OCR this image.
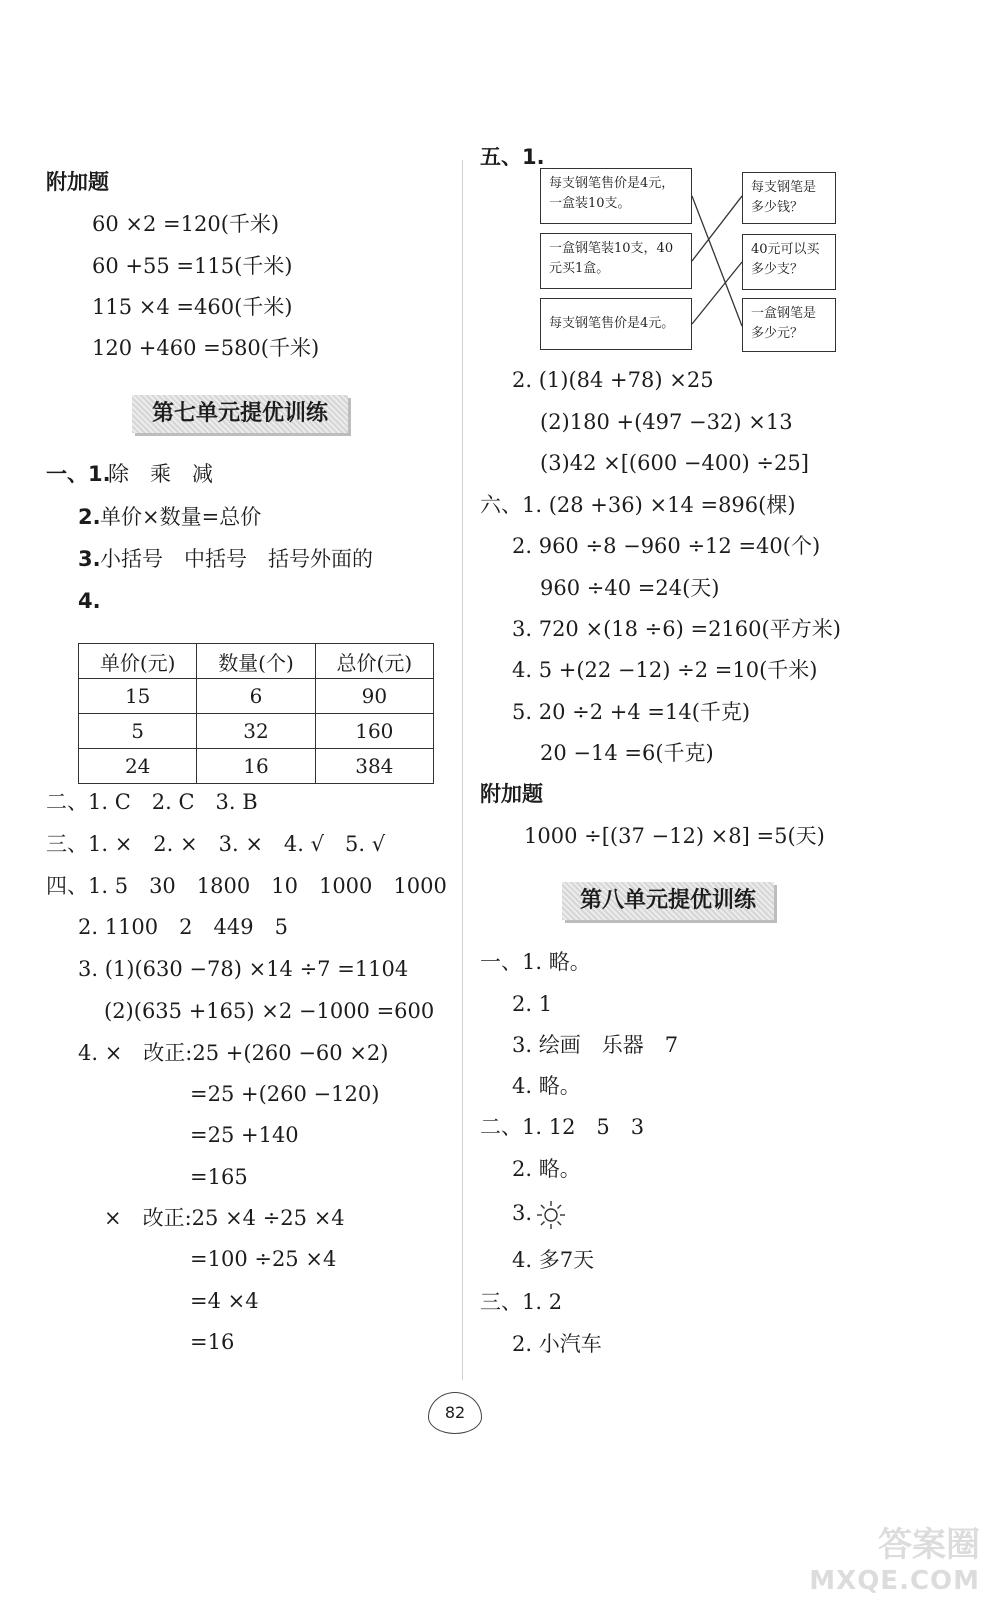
附加题
60 ×2 =120(千米)
60 +55 =115(千米)
115 ×4 =460(千米)
120 +460 =580(千米)
第七单元提优训练
一、1.
除　乘　减
2. 单价×数量=总价
3. 小括号　中括号　括号外面的
4.
单价(元)	数量(个)	总价(元)
15	6	90
5	32	160
24	16	384
二、1. C　2. C　3. B
三、1. ×　2. ×　3. ×　4. √　5. √
四、1. 5　30　1800　10　1000　1000
2. 1100　2　449　5
3. (1)(630 −78) ×14 ÷7 =1104
(2)(635 +165) ×2 −1000 =600
4. ×　改正:25 +(260 −60 ×2)
=25 +(260 −120)
=25 +140
=165
×　改正:25 ×4 ÷25 ×4
=100 ÷25 ×4
=4 ×4
=16
五、1.
每支钢笔售价是4元，一盒装10支。
一盒钢笔装10支，40元买1盒。
每支钢笔售价是4元。
每支钢笔是多少钱？
40元可以买多少支？
一盒钢笔是多少元？
2. (1)(84 +78) ×25
(2)180 +(497 −32) ×13
(3)42 ×[(600 −400) ÷25]
六、1. (28 +36) ×14 =896(棵)
2. 960 ÷8 −960 ÷12 =40(个)
960 ÷40 =24(天)
3. 720 ×(18 ÷6) =2160(平方米)
4. 5 +(22 −12) ÷2 =10(千米)
5. 20 ÷2 +4 =14(千克)
20 −14 =6(千克)
附加题
1000 ÷[(37 −12) ×8] =5(天)
第八单元提优训练
一、1. 略。
2. 1
3. 绘画　乐器　7
4. 略。
二、1. 12　5　3
2. 略。
3.
4. 多7天
三、1. 2
2. 小汽车
82
答案圈
MXQE.COM
